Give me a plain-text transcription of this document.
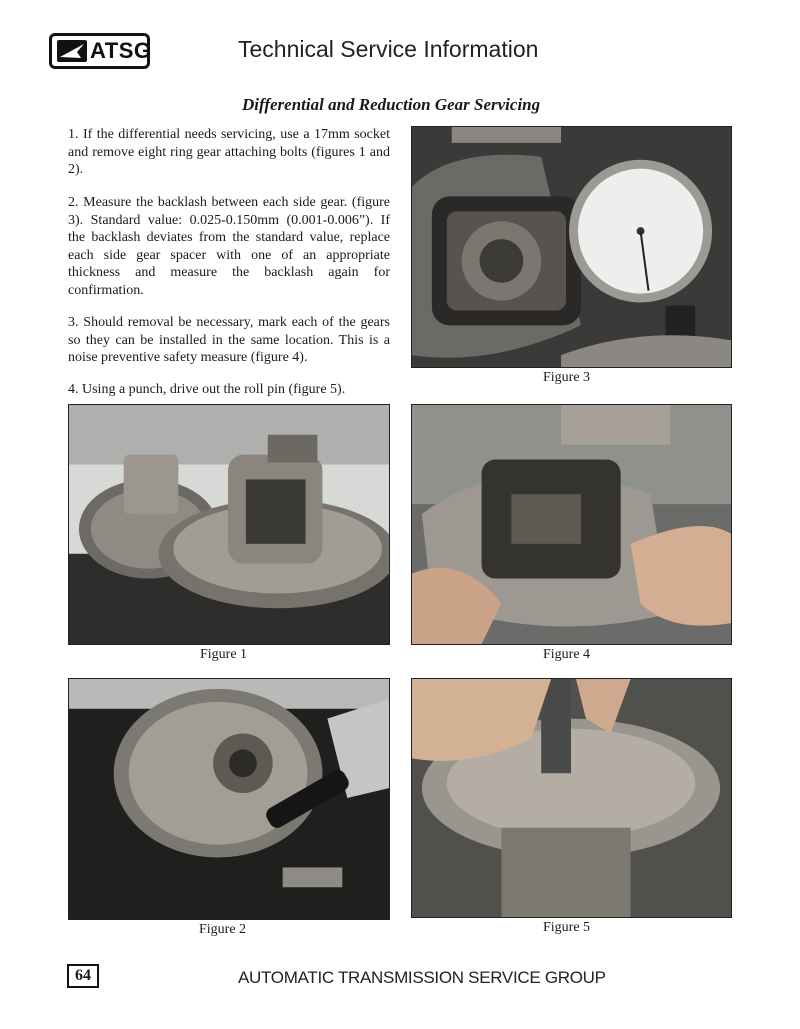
ATSG	Technical Service Information
Differential and Reduction Gear Servicing

1. If the differential needs servicing, use a 17mm socket and remove eight ring gear attaching bolts (figures 1 and 2).

2. Measure the backlash between each side gear. (figure 3). Standard value: 0.025-0.150mm (0.001-0.006”). If the backlash deviates from the standard value, replace each side gear spacer with one of an appropriate thickness and measure the backlash again for confirmation.

3. Should removal be necessary, mark each of the gears so they can be installed in the same location. This is a noise preventive safety measure (figure 4).

4. Using a punch, drive out the roll pin (figure 5).

Figure 3
Figure 1	Figure 4
Figure 2	Figure 5
64	AUTOMATIC TRANSMISSION SERVICE GROUP
